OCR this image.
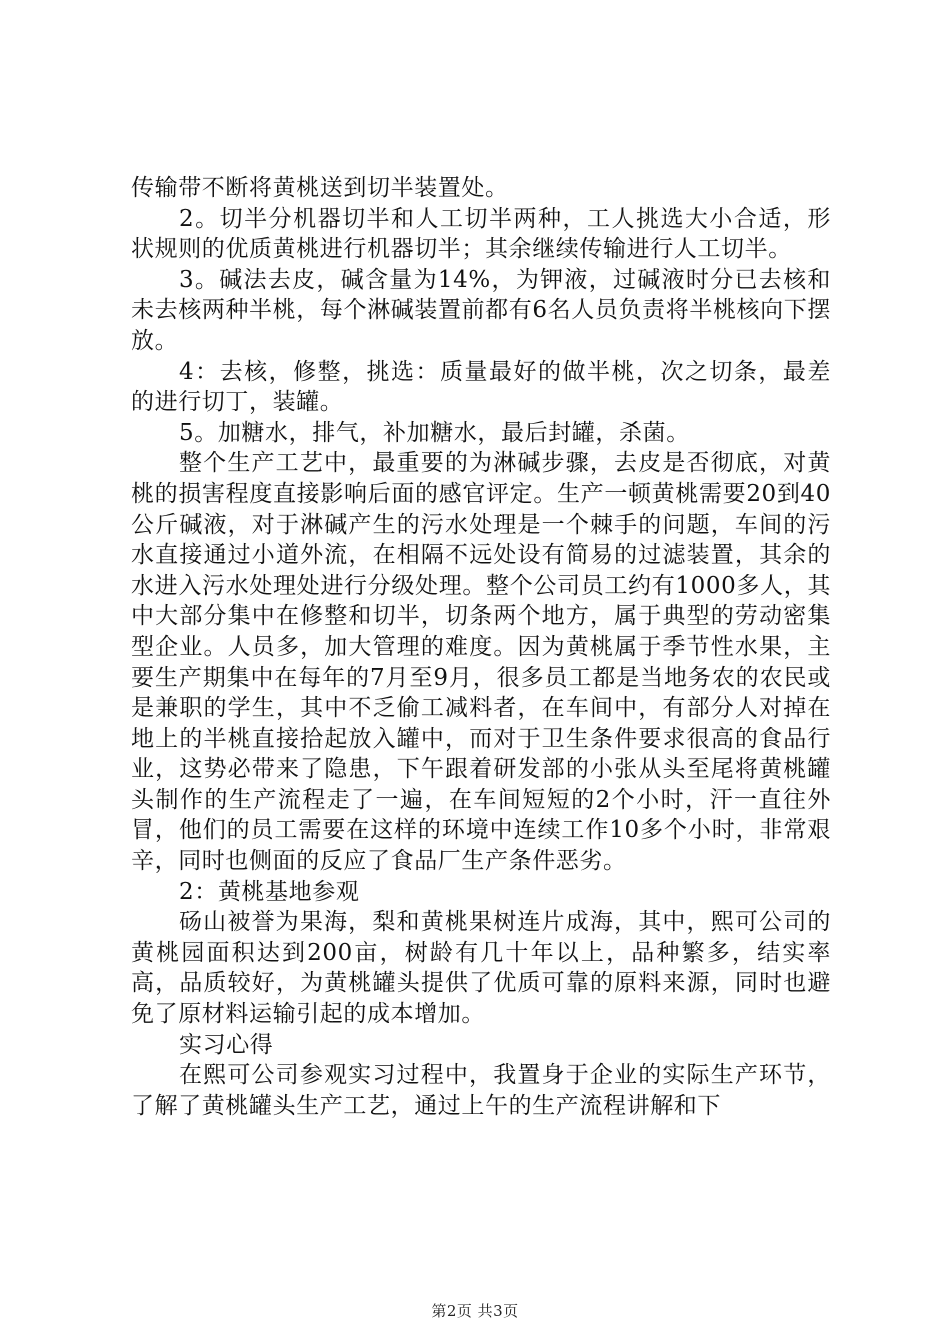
传输带不断将黄桃送到切半装置处。

2。切半分机器切半和人工切半两种，工人挑选大小合适，形状规则的优质黄桃进行机器切半；其余继续传输进行人工切半。

3。碱法去皮，碱含量为14%，为钾液，过碱液时分已去核和未去核两种半桃，每个淋碱装置前都有6名人员负责将半桃核向下摆放。

4：去核，修整，挑选：质量最好的做半桃，次之切条，最差的进行切丁，装罐。

5。加糖水，排气，补加糖水，最后封罐，杀菌。

整个生产工艺中，最重要的为淋碱步骤，去皮是否彻底，对黄桃的损害程度直接影响后面的感官评定。生产一顿黄桃需要20到40公斤碱液，对于淋碱产生的污水处理是一个棘手的问题，车间的污水直接通过小道外流，在相隔不远处设有简易的过滤装置，其余的水进入污水处理处进行分级处理。整个公司员工约有1000多人，其中大部分集中在修整和切半，切条两个地方，属于典型的劳动密集型企业。人员多，加大管理的难度。因为黄桃属于季节性水果，主要生产期集中在每年的7月至9月，很多员工都是当地务农的农民或是兼职的学生，其中不乏偷工减料者，在车间中，有部分人对掉在地上的半桃直接拾起放入罐中，而对于卫生条件要求很高的食品行业，这势必带来了隐患，下午跟着研发部的小张从头至尾将黄桃罐头制作的生产流程走了一遍，在车间短短的2个小时，汗一直往外冒，他们的员工需要在这样的环境中连续工作10多个小时，非常艰辛，同时也侧面的反应了食品厂生产条件恶劣。

2：黄桃基地参观

砀山被誉为果海，梨和黄桃果树连片成海，其中，熙可公司的黄桃园面积达到200亩，树龄有几十年以上，品种繁多，结实率高，品质较好，为黄桃罐头提供了优质可靠的原料来源，同时也避免了原材料运输引起的成本增加。

实习心得

在熙可公司参观实习过程中，我置身于企业的实际生产环节，了解了黄桃罐头生产工艺，通过上午的生产流程讲解和下

第2页 共3页
